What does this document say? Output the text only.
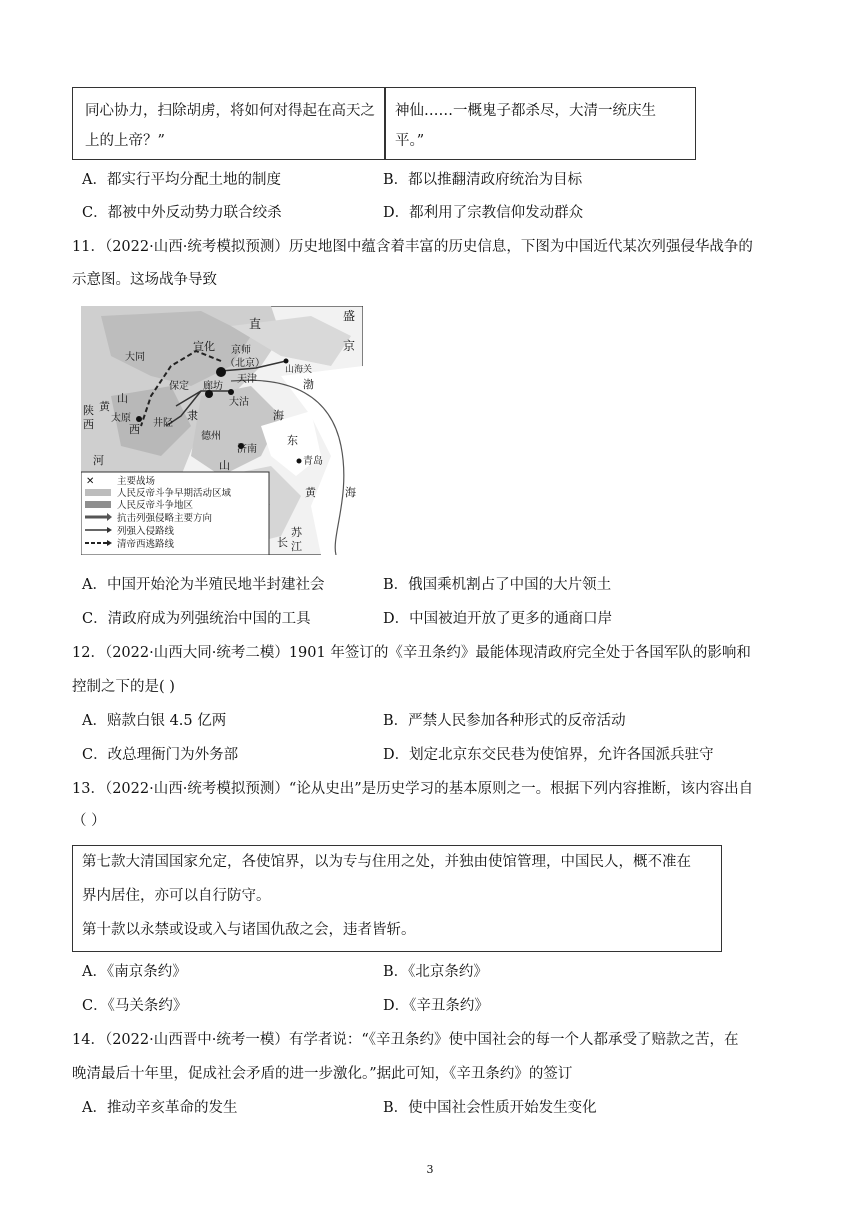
同心协力，扫除胡虏，将如何对得起在高天之上的上帝？”
神仙……一概鬼子都杀尽，大清一统庆生平。”
A．都实行平均分配土地的制度	B．都以推翻清政府统治为目标
C．都被中外反动势力联合绞杀	D．都利用了宗教信仰发动群众
11．（2022·山西·统考模拟预测）历史地图中蕴含着丰富的历史信息，下图为中国近代某次列强侵华战争的
示意图。这场战争导致
直
盛
京
大同
宣化 京师
（北京） 山海关
渤
山
保定 廊坊
天津
大沽
陕 黄
太原
西	西
井陉
隶	海
德州
济南
东
河	山	青岛
黄	海
苏
长 江
✕ 主要战场
人民反帝斗争早期活动区域
人民反帝斗争地区
抗击列强侵略主要方向
列强入侵路线
清帝西逃路线
A．中国开始沦为半殖民地半封建社会	B．俄国乘机割占了中国的大片领土
C．清政府成为列强统治中国的工具	D．中国被迫开放了更多的通商口岸
12．（2022·山西大同·统考二模）1901 年签订的《辛丑条约》最能体现清政府完全处于各国军队的影响和
控制之下的是( )
A．赔款白银 4.5 亿两	B．严禁人民参加各种形式的反帝活动
C．改总理衙门为外务部	D．划定北京东交民巷为使馆界，允许各国派兵驻守
13．（2022·山西·统考模拟预测）“论从史出”是历史学习的基本原则之一。根据下列内容推断，该内容出自
（ ）
第七款大清国国家允定，各使馆界，以为专与住用之处，并独由使馆管理，中国民人，概不准在
界内居住，亦可以自行防守。
第十款以永禁或设或入与诸国仇敌之会，违者皆斩。
A．《南京条约》	B．《北京条约》
C．《马关条约》	D．《辛丑条约》
14．（2022·山西晋中·统考一模）有学者说：“《辛丑条约》使中国社会的每一个人都承受了赔款之苦，在
晚清最后十年里，促成社会矛盾的进一步激化。”据此可知，《辛丑条约》的签订
A．推动辛亥革命的发生	B．使中国社会性质开始发生变化
3
